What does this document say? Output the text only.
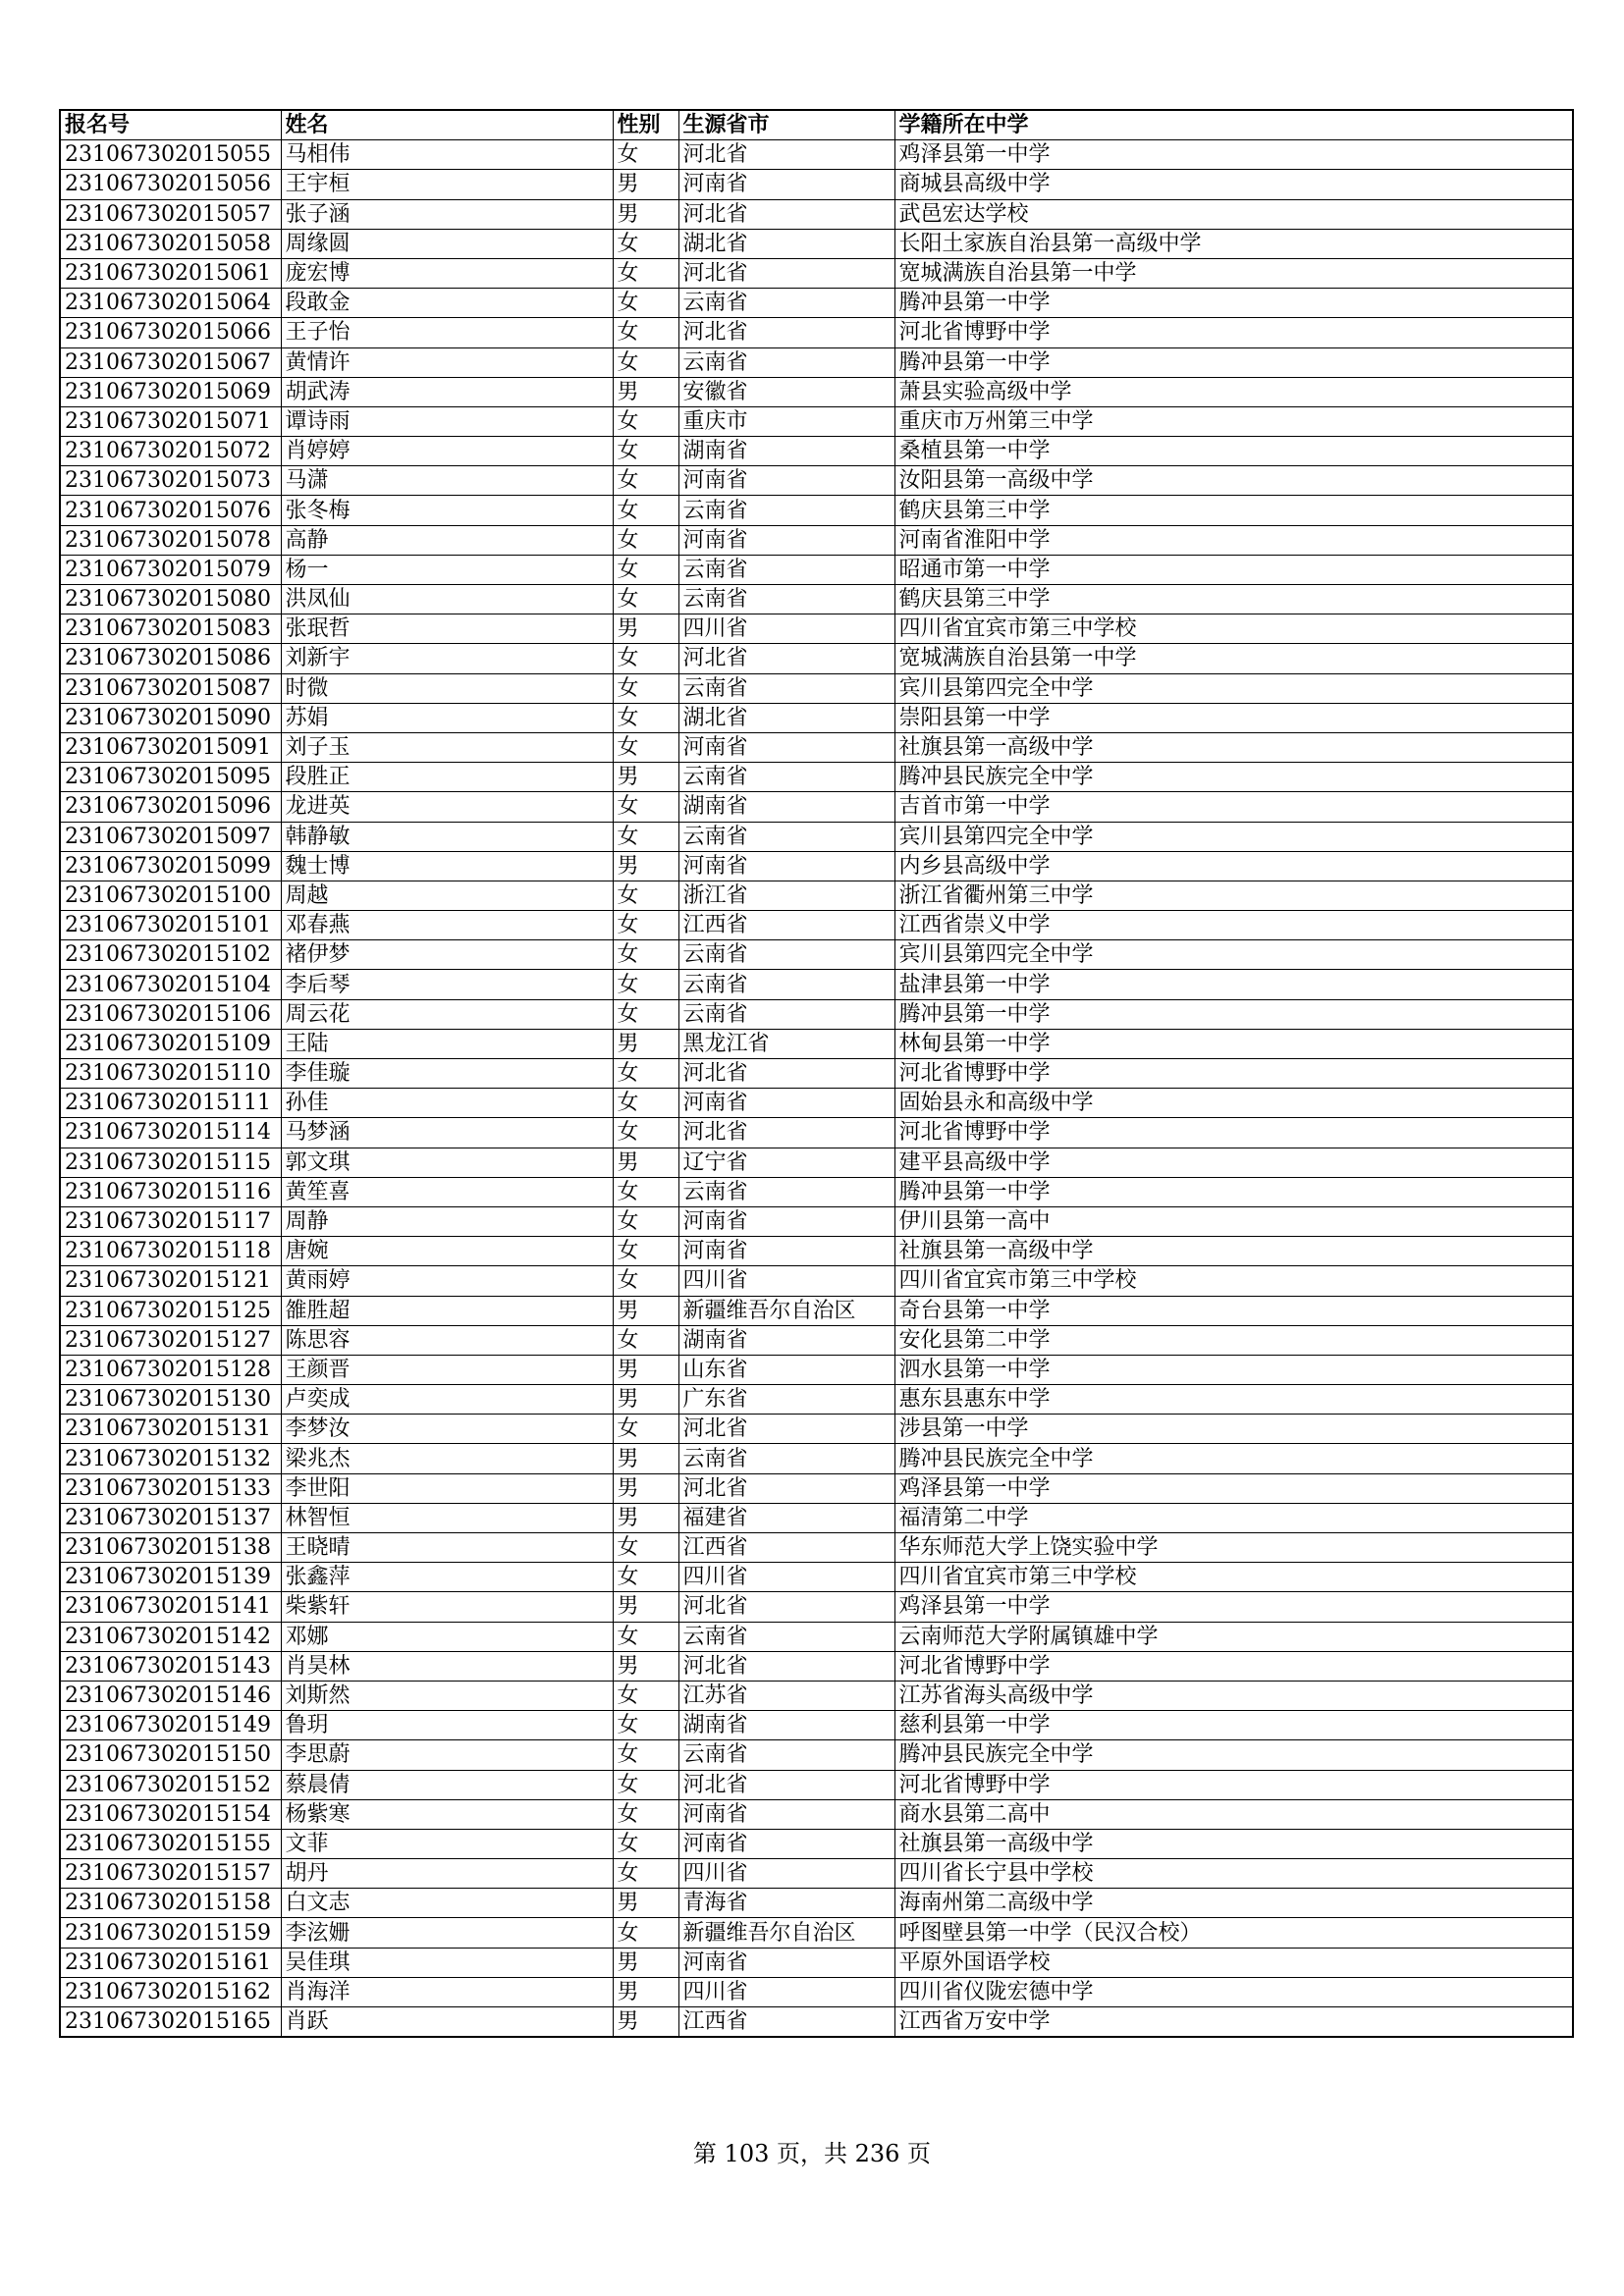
报名号	姓名	性别	生源省市	学籍所在中学
231067302015055	马相伟	女	河北省	鸡泽县第一中学
231067302015056	王宇桓	男	河南省	商城县高级中学
231067302015057	张子涵	男	河北省	武邑宏达学校
231067302015058	周缘圆	女	湖北省	长阳土家族自治县第一高级中学
231067302015061	庞宏博	女	河北省	宽城满族自治县第一中学
231067302015064	段敢金	女	云南省	腾冲县第一中学
231067302015066	王子怡	女	河北省	河北省博野中学
231067302015067	黄情许	女	云南省	腾冲县第一中学
231067302015069	胡武涛	男	安徽省	萧县实验高级中学
231067302015071	谭诗雨	女	重庆市	重庆市万州第三中学
231067302015072	肖婷婷	女	湖南省	桑植县第一中学
231067302015073	马潇	女	河南省	汝阳县第一高级中学
231067302015076	张冬梅	女	云南省	鹤庆县第三中学
231067302015078	高静	女	河南省	河南省淮阳中学
231067302015079	杨一	女	云南省	昭通市第一中学
231067302015080	洪凤仙	女	云南省	鹤庆县第三中学
231067302015083	张珉哲	男	四川省	四川省宜宾市第三中学校
231067302015086	刘新宇	女	河北省	宽城满族自治县第一中学
231067302015087	时微	女	云南省	宾川县第四完全中学
231067302015090	苏娟	女	湖北省	崇阳县第一中学
231067302015091	刘子玉	女	河南省	社旗县第一高级中学
231067302015095	段胜正	男	云南省	腾冲县民族完全中学
231067302015096	龙进英	女	湖南省	吉首市第一中学
231067302015097	韩静敏	女	云南省	宾川县第四完全中学
231067302015099	魏士博	男	河南省	内乡县高级中学
231067302015100	周越	女	浙江省	浙江省衢州第三中学
231067302015101	邓春燕	女	江西省	江西省崇义中学
231067302015102	褚伊梦	女	云南省	宾川县第四完全中学
231067302015104	李后琴	女	云南省	盐津县第一中学
231067302015106	周云花	女	云南省	腾冲县第一中学
231067302015109	王陆	男	黑龙江省	林甸县第一中学
231067302015110	李佳璇	女	河北省	河北省博野中学
231067302015111	孙佳	女	河南省	固始县永和高级中学
231067302015114	马梦涵	女	河北省	河北省博野中学
231067302015115	郭文琪	男	辽宁省	建平县高级中学
231067302015116	黄笙喜	女	云南省	腾冲县第一中学
231067302015117	周静	女	河南省	伊川县第一高中
231067302015118	唐婉	女	河南省	社旗县第一高级中学
231067302015121	黄雨婷	女	四川省	四川省宜宾市第三中学校
231067302015125	雒胜超	男	新疆维吾尔自治区	奇台县第一中学
231067302015127	陈思容	女	湖南省	安化县第二中学
231067302015128	王颜晋	男	山东省	泗水县第一中学
231067302015130	卢奕成	男	广东省	惠东县惠东中学
231067302015131	李梦汝	女	河北省	涉县第一中学
231067302015132	梁兆杰	男	云南省	腾冲县民族完全中学
231067302015133	李世阳	男	河北省	鸡泽县第一中学
231067302015137	林智恒	男	福建省	福清第二中学
231067302015138	王晓晴	女	江西省	华东师范大学上饶实验中学
231067302015139	张鑫萍	女	四川省	四川省宜宾市第三中学校
231067302015141	柴紫轩	男	河北省	鸡泽县第一中学
231067302015142	邓娜	女	云南省	云南师范大学附属镇雄中学
231067302015143	肖昊林	男	河北省	河北省博野中学
231067302015146	刘斯然	女	江苏省	江苏省海头高级中学
231067302015149	鲁玥	女	湖南省	慈利县第一中学
231067302015150	李思蔚	女	云南省	腾冲县民族完全中学
231067302015152	蔡晨倩	女	河北省	河北省博野中学
231067302015154	杨紫寒	女	河南省	商水县第二高中
231067302015155	文菲	女	河南省	社旗县第一高级中学
231067302015157	胡丹	女	四川省	四川省长宁县中学校
231067302015158	白文志	男	青海省	海南州第二高级中学
231067302015159	李泫姗	女	新疆维吾尔自治区	呼图壁县第一中学（民汉合校）
231067302015161	吴佳琪	男	河南省	平原外国语学校
231067302015162	肖海洋	男	四川省	四川省仪陇宏德中学
231067302015165	肖跃	男	江西省	江西省万安中学
第 103 页，共 236 页
